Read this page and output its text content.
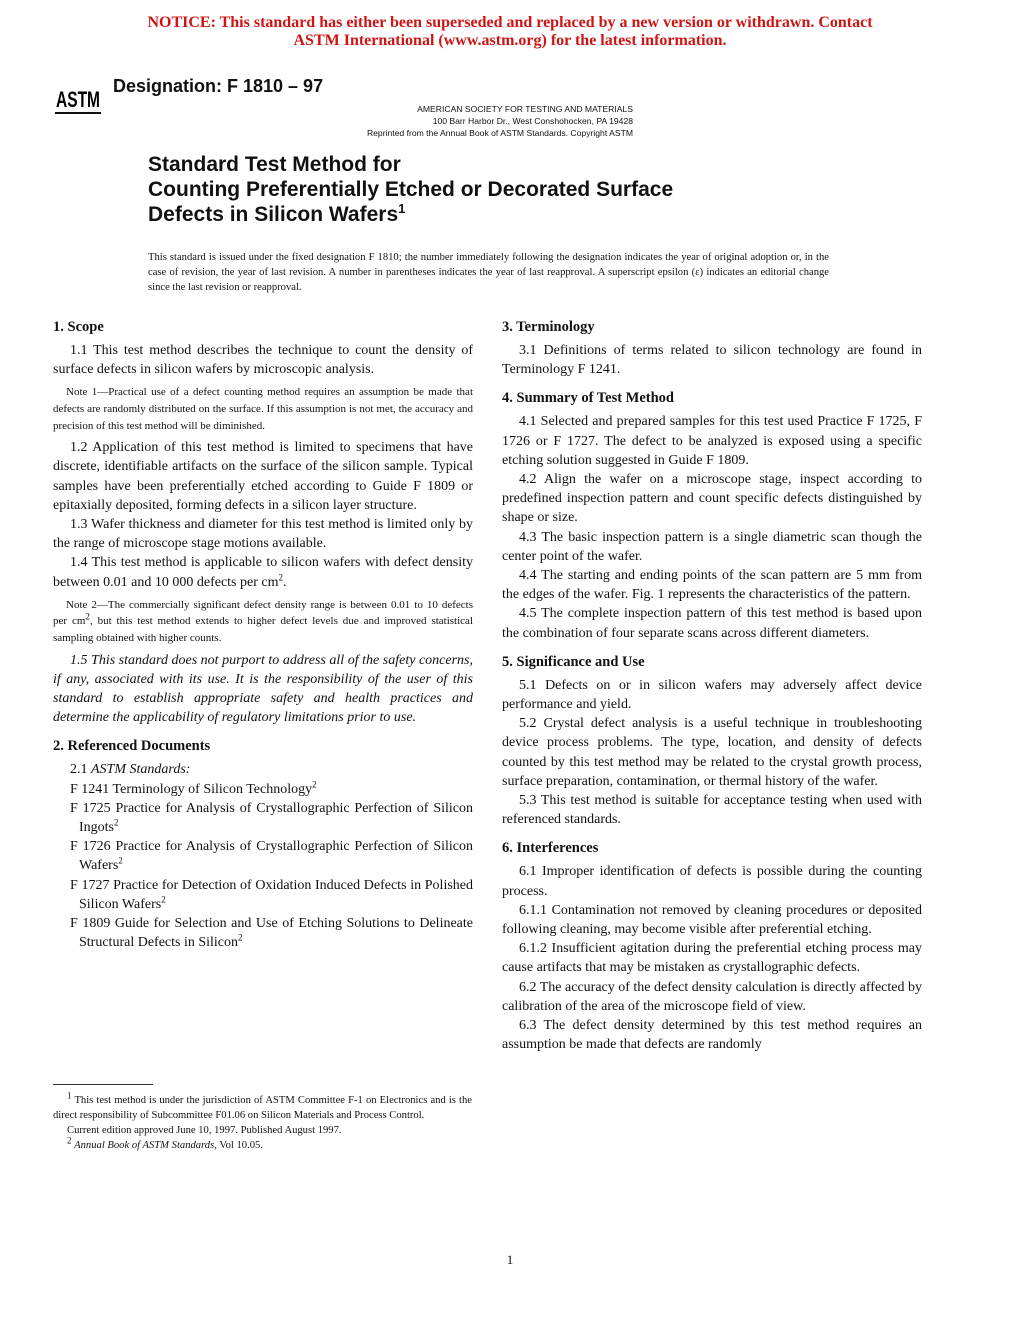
NOTICE: This standard has either been superseded and replaced by a new version or withdrawn. Contact
ASTM International (www.astm.org) for the latest information.
ASTM
Designation: F 1810 – 97
AMERICAN SOCIETY FOR TESTING AND MATERIALS
100 Barr Harbor Dr., West Conshohocken, PA 19428
Reprinted from the Annual Book of ASTM Standards. Copyright ASTM
Standard Test Method for
Counting Preferentially Etched or Decorated Surface
Defects in Silicon Wafers$^1$
This standard is issued under the fixed designation F 1810; the number immediately following the designation indicates the year of original adoption or, in the case of revision, the year of last revision. A number in parentheses indicates the year of last reapproval. A superscript epsilon (ε) indicates an editorial change since the last revision or reapproval.
1. Scope

1.1 This test method describes the technique to count the density of surface defects in silicon wafers by microscopic analysis.

Note 1—Practical use of a defect counting method requires an assumption be made that defects are randomly distributed on the surface. If this assumption is not met, the accuracy and precision of this test method will be diminished.

1.2 Application of this test method is limited to specimens that have discrete, identifiable artifacts on the surface of the silicon sample. Typical samples have been preferentially etched according to Guide F 1809 or epitaxially deposited, forming defects in a silicon layer structure.

1.3 Wafer thickness and diameter for this test method is limited only by the range of microscope stage motions available.

1.4 This test method is applicable to silicon wafers with defect density between 0.01 and 10 000 defects per $cm^2$.

Note 2—The commercially significant defect density range is between 0.01 to 10 defects per $cm^2$, but this test method extends to higher defect levels due and improved statistical sampling obtained with higher counts.

1.5 This standard does not purport to address all of the safety concerns, if any, associated with its use. It is the responsibility of the user of this standard to establish appropriate safety and health practices and determine the applicability of regulatory limitations prior to use.

2. Referenced Documents

2.1 ASTM Standards:

F 1241 Terminology of Silicon Technology$^2$
F 1725 Practice for Analysis of Crystallographic Perfection of Silicon Ingots$^2$
F 1726 Practice for Analysis of Crystallographic Perfection of Silicon Wafers$^2$
F 1727 Practice for Detection of Oxidation Induced Defects in Polished Silicon Wafers$^2$
F 1809 Guide for Selection and Use of Etching Solutions to Delineate Structural Defects in Silicon$^2$
$^1$ This test method is under the jurisdiction of ASTM Committee F-1 on Electronics and is the direct responsibility of Subcommittee F01.06 on Silicon Materials and Process Control.
Current edition approved June 10, 1997. Published August 1997.
$^2$ Annual Book of ASTM Standards, Vol 10.05.
3. Terminology

3.1 Definitions of terms related to silicon technology are found in Terminology F 1241.

4. Summary of Test Method

4.1 Selected and prepared samples for this test used Practice F 1725, F 1726 or F 1727. The defect to be analyzed is exposed using a specific etching solution suggested in Guide F 1809.

4.2 Align the wafer on a microscope stage, inspect according to predefined inspection pattern and count specific defects distinguished by shape or size.

4.3 The basic inspection pattern is a single diametric scan though the center point of the wafer.

4.4 The starting and ending points of the scan pattern are 5 mm from the edges of the wafer. Fig. 1 represents the characteristics of the pattern.

4.5 The complete inspection pattern of this test method is based upon the combination of four separate scans across different diameters.

5. Significance and Use

5.1 Defects on or in silicon wafers may adversely affect device performance and yield.

5.2 Crystal defect analysis is a useful technique in troubleshooting device process problems. The type, location, and density of defects counted by this test method may be related to the crystal growth process, surface preparation, contamination, or thermal history of the wafer.

5.3 This test method is suitable for acceptance testing when used with referenced standards.

6. Interferences

6.1 Improper identification of defects is possible during the counting process.

6.1.1 Contamination not removed by cleaning procedures or deposited following cleaning, may become visible after preferential etching.

6.1.2 Insufficient agitation during the preferential etching process may cause artifacts that may be mistaken as crystallographic defects.

6.2 The accuracy of the defect density calculation is directly affected by calibration of the area of the microscope field of view.

6.3 The defect density determined by this test method requires an assumption be made that defects are randomly

1
